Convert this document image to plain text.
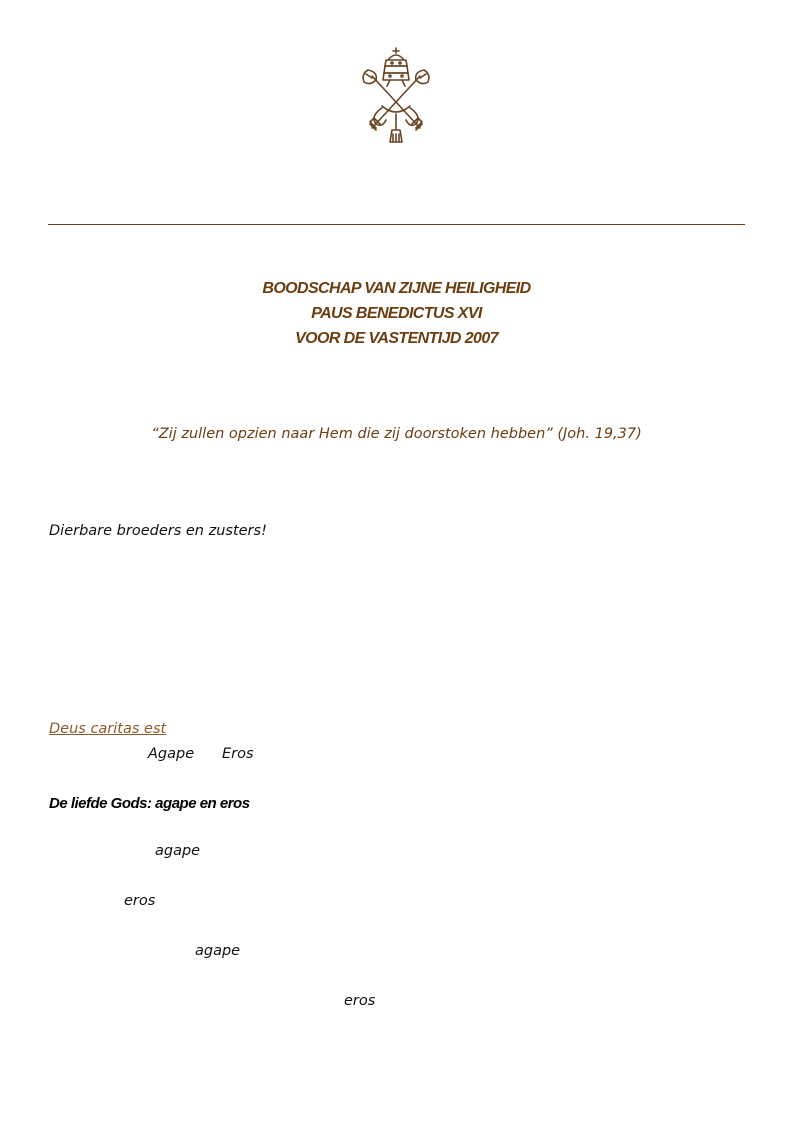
BOODSCHAP VAN ZIJNE HEILIGHEID
PAUS BENEDICTUS XVI
VOOR DE VASTENTIJD 2007
“Zij zullen opzien naar Hem die zij doorstoken hebben” (Joh. 19,37)
Dierbare broeders en zusters!
Deus caritas est
Agape Eros
De liefde Gods: agape en eros
agape
eros
agape
eros
